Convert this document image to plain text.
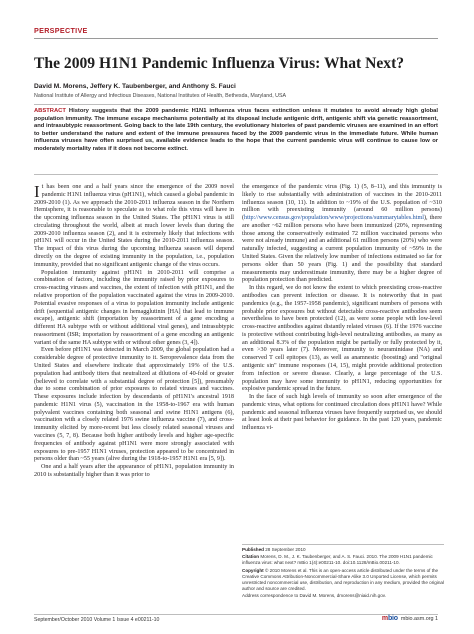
PERSPECTIVE
The 2009 H1N1 Pandemic Influenza Virus: What Next?
David M. Morens, Jeffery K. Taubenberger, and Anthony S. Fauci
National Institute of Allergy and Infectious Diseases, National Institutes of Health, Bethesda, Maryland, USA
ABSTRACT History suggests that the 2009 pandemic H1N1 influenza virus faces extinction unless it mutates to avoid already high global population immunity. The immune escape mechanisms potentially at its disposal include antigenic drift, antigenic shift via genetic reassortment, and intrasubtypic reassortment. Going back to the late 19th century, the evolutionary histories of past pandemic viruses are examined in an effort to better understand the nature and extent of the immune pressures faced by the 2009 pandemic virus in the immediate future. While human influenza viruses have often surprised us, available evidence leads to the hope that the current pandemic virus will continue to cause low or moderately mortality rates if it does not become extinct.

It has been one and a half years since the emergence of the 2009 novel pandemic H1N1 influenza virus (pH1N1), which caused a global pandemic in 2009-2010 (1). As we approach the 2010-2011 influenza season in the Northern Hemisphere, it is reasonable to speculate as to what role this virus will have in the upcoming influenza season in the United States. The pH1N1 virus is still circulating throughout the world, albeit at much lower levels than during the 2009-2010 influenza season (2), and it is extremely likely that infections with pH1N1 will occur in the United States during the 2010-2011 influenza season. The impact of this virus during the upcoming influenza season will depend directly on the degree of existing immunity in the population, i.e., population immunity, provided that no significant antigenic change of the virus occurs.

Population immunity against pH1N1 in 2010-2011 will comprise a combination of factors, including the immunity raised by prior exposures to cross-reacting viruses and vaccines, the extent of infection with pH1N1, and the relative proportion of the population vaccinated against the virus in 2009-2010. Potential evasive responses of a virus to population immunity include antigenic drift (sequential antigenic changes in hemagglutinin [HA] that lead to immune escape), antigenic shift (importation by reassortment of a gene encoding a different HA subtype with or without additional viral genes), and intrasubtypic reassortment (ISR; importation by reassortment of a gene encoding an antigenic variant of the same HA subtype with or without other genes (3, 4]).

Even before pH1N1 was detected in March 2009, the global population had a considerable degree of protective immunity to it. Seroprevalence data from the United States and elsewhere indicate that approximately 19% of the U.S. population had antibody titers that neutralized at dilutions of 40-fold or greater (believed to correlate with a substantial degree of protection [5]), presumably due to some combination of prior exposures to related viruses and vaccines. These exposures include infection by descendants of pH1N1's ancestral 1918 pandemic H1N1 virus (5), vaccination in the 1958-to-1967 era with human polyvalent vaccines containing both seasonal and swine H1N1 antigens (6), vaccination with a closely related 1976 swine influenza vaccine (7), and cross-immunity elicited by more-recent but less closely related seasonal viruses and vaccines (5, 7, 8). Because both higher antibody levels and higher age-specific frequencies of antibody against pH1N1 were more strongly associated with exposures to pre-1957 H1N1 viruses, protection appeared to be concentrated in persons older than ~55 years (alive during the 1918-to-1957 H1N1 era [5, 9]).

One and a half years after the appearance of pH1N1, population immunity in 2010 is substantially higher than it was prior to

the emergence of the pandemic virus (Fig. 1) (5, 8–11), and this immunity is likely to rise substantially with administration of vaccines in the 2010-2011 influenza season (10, 11). In addition to ~19% of the U.S. population of ~310 million with preexisting immunity (around 60 million persons) (http://www.census.gov/population/www/projections/summarytables.html), there are another ~62 million persons who have been immunized (20%, representing those among the conservatively estimated 72 million vaccinated persons who were not already immune) and an additional 61 million persons (20%) who were naturally infected, suggesting a current population immunity of ~59% in the United States. Given the relatively low number of infections estimated so far for persons older than 50 years (Fig. 1) and the possibility that standard measurements may underestimate immunity, there may be a higher degree of population protection than predicted.

In this regard, we do not know the extent to which preexisting cross-reactive antibodies can prevent infection or disease. It is noteworthy that in past pandemics (e.g., the 1957-1958 pandemic), significant numbers of persons with probable prior exposures but without detectable cross-reactive antibodies seem nevertheless to have been protected (12), as were some people with low-level cross-reactive antibodies against distantly related viruses (6). If the 1976 vaccine is protective without contributing high-level neutralizing antibodies, as many as an additional 8.3% of the population might be partially or fully protected by it, even >30 years later (7). Moreover, immunity to neuraminidase (NA) and conserved T cell epitopes (13), as well as anamnestic (boosting) and "original antigenic sin" immune responses (14, 15), might provide additional protection from infection or severe disease. Clearly, a large percentage of the U.S. population may have some immunity to pH1N1, reducing opportunities for explosive pandemic spread in the future.

In the face of such high levels of immunity so soon after emergence of the pandemic virus, what options for continued circulation does pH1N1 have? While pandemic and seasonal influenza viruses have frequently surprised us, we should at least look at their past behavior for guidance. In the past 120 years, pandemic influenza vi-

Published 28 September 2010

Citation Morens, D. M., J. K. Taubenberger, and A. S. Fauci. 2010. The 2009 H1N1 pandemic influenza virus: what next? mBio 1(4):e00211-10. doi:10.1128/mBio.00211-10.

Copyright © 2010 Morens et al. This is an open-access article distributed under the terms of the Creative Commons Attribution-Noncommercial-Share Alike 3.0 Unported License, which permits unrestricted noncommercial use, distribution, and reproduction in any medium, provided the original author and source are credited.

Address correspondence to David M. Morens, dmorens@niaid.nih.gov.

September/October 2010 Volume 1 Issue 4 e00211-10	mbio mbio.asm.org 1
